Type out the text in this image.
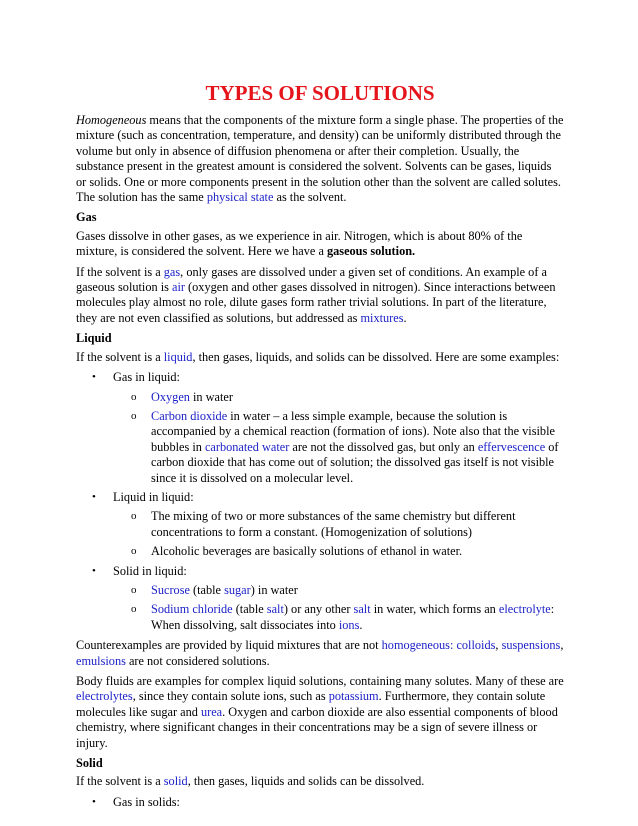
TYPES OF SOLUTIONS

Homogeneous means that the components of the mixture form a single phase. The properties of the mixture (such as concentration, temperature, and density) can be uniformly distributed through the volume but only in absence of diffusion phenomena or after their completion. Usually, the substance present in the greatest amount is considered the solvent. Solvents can be gases, liquids or solids. One or more components present in the solution other than the solvent are called solutes. The solution has the same physical state as the solvent.

Gas

Gases dissolve in other gases, as we experience in air. Nitrogen, which is about 80% of the mixture, is considered the solvent. Here we have a gaseous solution.

If the solvent is a gas, only gases are dissolved under a given set of conditions. An example of a gaseous solution is air (oxygen and other gases dissolved in nitrogen). Since interactions between molecules play almost no role, dilute gases form rather trivial solutions. In part of the literature, they are not even classified as solutions, but addressed as mixtures.

Liquid

If the solvent is a liquid, then gases, liquids, and solids can be dissolved. Here are some examples:

• Gas in liquid:
o Oxygen in water
o Carbon dioxide in water – a less simple example, because the solution is accompanied by a chemical reaction (formation of ions). Note also that the visible bubbles in carbonated water are not the dissolved gas, but only an effervescence of carbon dioxide that has come out of solution; the dissolved gas itself is not visible since it is dissolved on a molecular level.
• Liquid in liquid:
o The mixing of two or more substances of the same chemistry but different concentrations to form a constant. (Homogenization of solutions)
o Alcoholic beverages are basically solutions of ethanol in water.
• Solid in liquid:
o Sucrose (table sugar) in water
o Sodium chloride (table salt) or any other salt in water, which forms an electrolyte: When dissolving, salt dissociates into ions.

Counterexamples are provided by liquid mixtures that are not homogeneous: colloids, suspensions, emulsions are not considered solutions.

Body fluids are examples for complex liquid solutions, containing many solutes. Many of these are electrolytes, since they contain solute ions, such as potassium. Furthermore, they contain solute molecules like sugar and urea. Oxygen and carbon dioxide are also essential components of blood chemistry, where significant changes in their concentrations may be a sign of severe illness or injury.

Solid

If the solvent is a solid, then gases, liquids and solids can be dissolved.

• Gas in solids:
